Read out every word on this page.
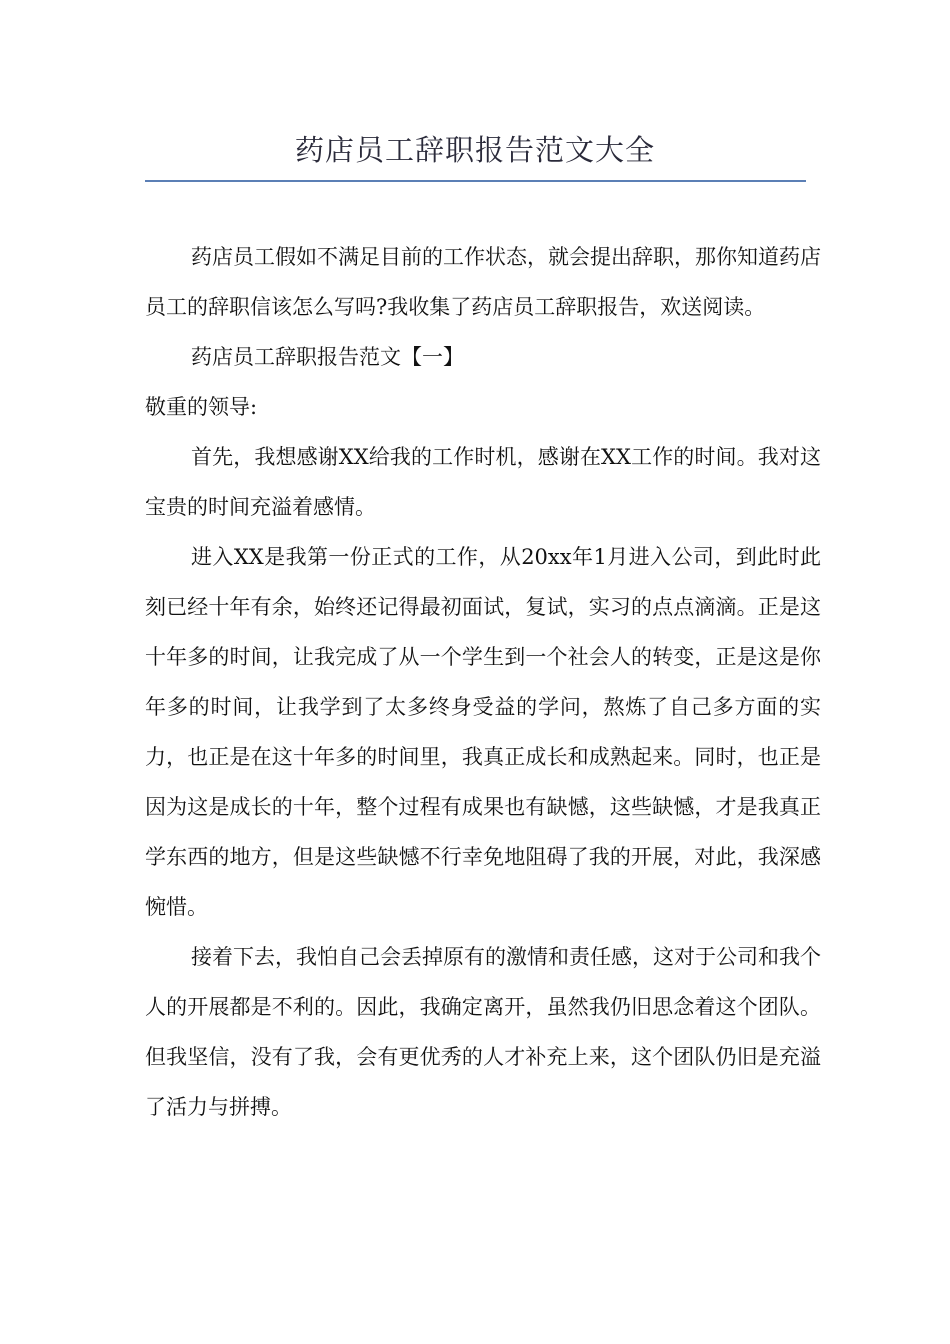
药店员工辞职报告范文大全

药店员工假如不满足目前的工作状态，就会提出辞职，那你知道药店员工的辞职信该怎么写吗?我收集了药店员工辞职报告，欢送阅读。

药店员工辞职报告范文【一】

敬重的领导:

首先，我想感谢XX给我的工作时机，感谢在XX工作的时间。我对这宝贵的时间充溢着感情。

进入XX是我第一份正式的工作，从20xx年1月进入公司，到此时此刻已经十年有余，始终还记得最初面试，复试，实习的点点滴滴。正是这十年多的时间，让我完成了从一个学生到一个社会人的转变，正是这是你年多的时间，让我学到了太多终身受益的学问，熬炼了自己多方面的实力，也正是在这十年多的时间里，我真正成长和成熟起来。同时，也正是因为这是成长的十年，整个过程有成果也有缺憾，这些缺憾，才是我真正学东西的地方，但是这些缺憾不行幸免地阻碍了我的开展，对此，我深感惋惜。

接着下去，我怕自己会丢掉原有的激情和责任感，这对于公司和我个人的开展都是不利的。因此，我确定离开，虽然我仍旧思念着这个团队。但我坚信，没有了我，会有更优秀的人才补充上来，这个团队仍旧是充溢了活力与拼搏。
